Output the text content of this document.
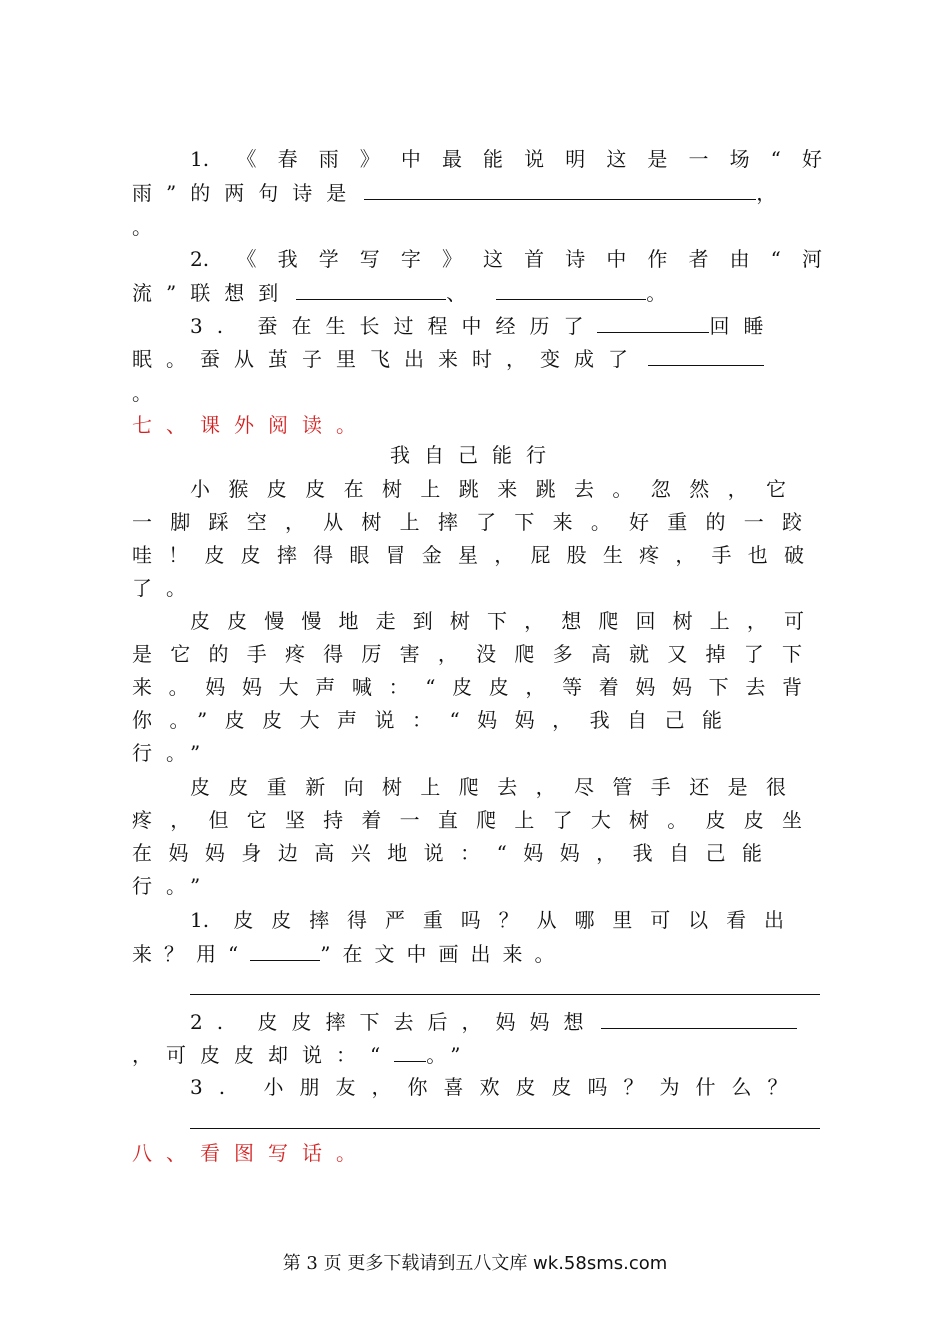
1. 《春雨》中最能说明这是一场“好
雨”的两句诗是	，
。
2. 《我学写字》这首诗中作者由“河
流”联想到	、	。
3. 蚕在生长过程中经历了	回睡
眠。蚕从茧子里飞出来时，变成了
。
七、课外阅读。
我自己能行
小猴皮皮在树上跳来跳去。忽然，它
一脚踩空，从树上摔了下来。好重的一跤
哇！皮皮摔得眼冒金星，屁股生疼，手也破
了。
皮皮慢慢地走到树下，想爬回树上，可
是它的手疼得厉害，没爬多高就又掉了下
来。妈妈大声喊：“皮皮，等着妈妈下去背
你。”皮皮大声说：“妈妈，我自己能
行。”
皮皮重新向树上爬去，尽管手还是很
疼，但它坚持着一直爬上了大树。皮皮坐
在妈妈身边高兴地说：“妈妈，我自己能
行。”
1. 皮皮摔得严重吗？从哪里可以看出
来？用“	”在文中画出来。
2. 皮皮摔下去后，妈妈想
，可皮皮却说：“ 。”
3. 小朋友，你喜欢皮皮吗？为什么？
八、看图写话。
第 3 页 更多下载请到五八文库 wk.58sms.com
